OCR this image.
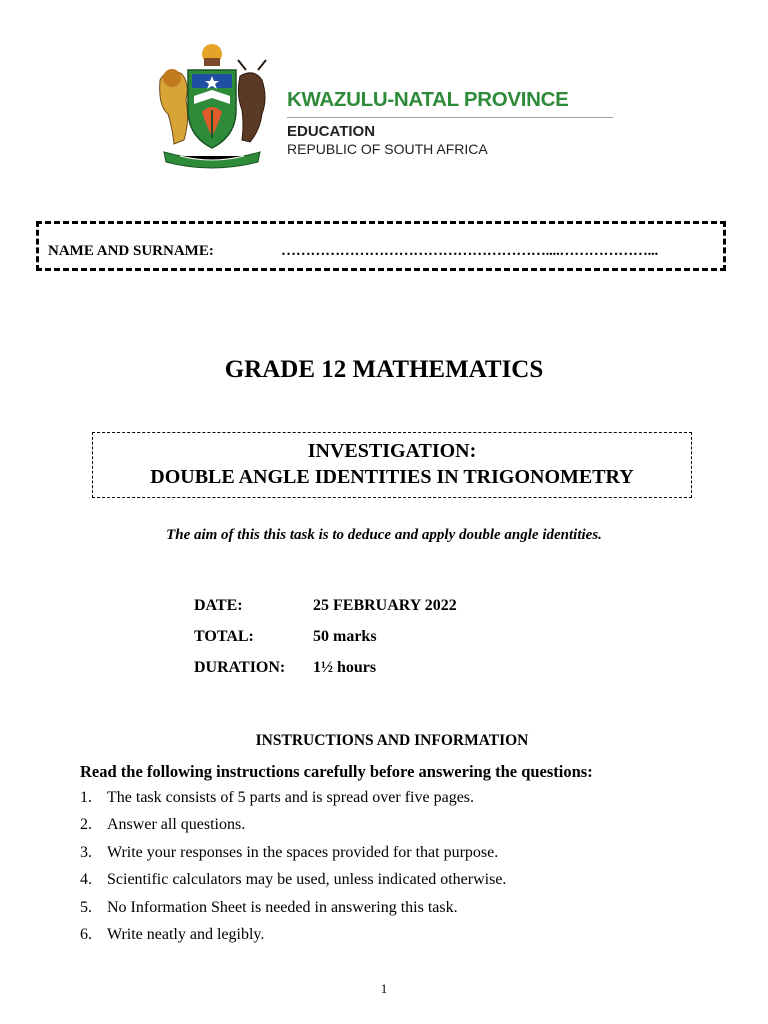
KWAZULU-NATAL PROVINCE
EDUCATION
REPUBLIC OF SOUTH AFRICA
NAME AND SURNAME:	………………………………………………....………………...
GRADE 12 MATHEMATICS
INVESTIGATION:
DOUBLE ANGLE IDENTITIES IN TRIGONOMETRY
The aim of this this task is to deduce and apply double angle identities.
DATE:	25 FEBRUARY 2022
TOTAL:	50 marks
DURATION: 1½ hours
INSTRUCTIONS AND INFORMATION
Read the following instructions carefully before answering the questions:
1. The task consists of 5 parts and is spread over five pages.
2. Answer all questions.
3. Write your responses in the spaces provided for that purpose.
4. Scientific calculators may be used, unless indicated otherwise.
5. No Information Sheet is needed in answering this task.
6. Write neatly and legibly.
1
